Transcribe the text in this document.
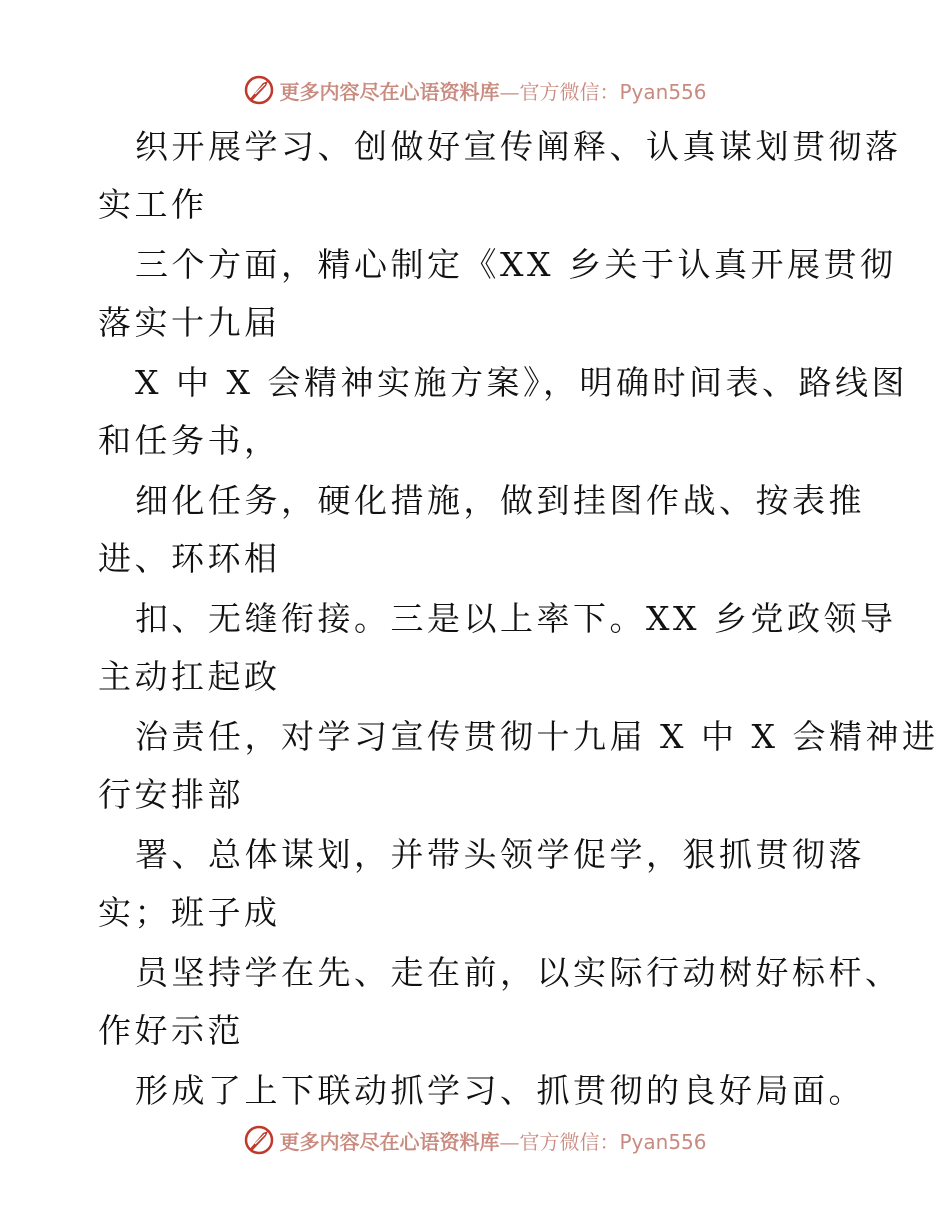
更多内容尽在心语资料库—官方微信：Pyan556
织开展学习、创做好宣传阐释、认真谋划贯彻落
实工作
三个方面，精心制定《XX 乡关于认真开展贯彻
落实十九届
X 中 X 会精神实施方案》，明确时间表、路线图
和任务书，
细化任务，硬化措施，做到挂图作战、按表推
进、环环相
扣、无缝衔接。三是以上率下。XX 乡党政领导
主动扛起政
治责任，对学习宣传贯彻十九届 X 中 X 会精神进
行安排部
署、总体谋划，并带头领学促学，狠抓贯彻落
实；班子成
员坚持学在先、走在前，以实际行动树好标杆、
作好示范
形成了上下联动抓学习、抓贯彻的良好局面。
更多内容尽在心语资料库—官方微信：Pyan556
